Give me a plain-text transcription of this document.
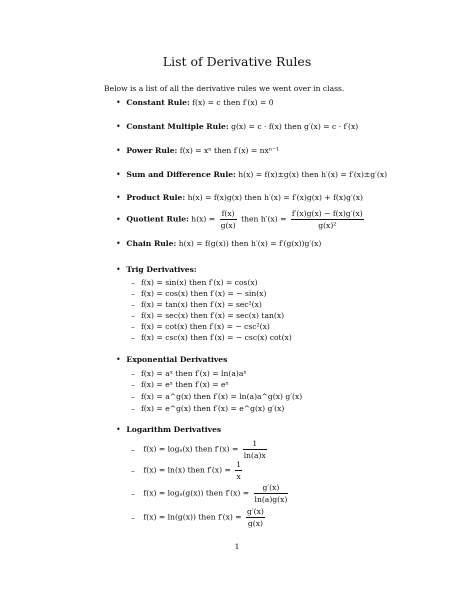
List of Derivative Rules
Below is a list of all the derivative rules we went over in class.
• Constant Rule: f(x) = c then f′(x) = 0
• Constant Multiple Rule: g(x) = c · f(x) then g′(x) = c · f′(x)
• Power Rule: f(x) = xⁿ then f′(x) = nxⁿ⁻¹
• Sum and Difference Rule: h(x) = f(x)±g(x) then h′(x) = f′(x)±g′(x)
• Product Rule: h(x) = f(x)g(x) then h′(x) = f′(x)g(x) + f(x)g′(x)
• Quotient Rule: $h(x) = \frac{f(x)}{g(x)}$ then $h'(x) = \frac{f'(x)g(x) - f(x)g'(x)}{\text{g(x)²}}$
• Chain Rule: h(x) = f(g(x)) then h′(x) = f′(g(x))g′(x)
• Trig Derivatives:
– f(x) = sin(x) then f′(x) = cos(x)
– f(x) = cos(x) then f′(x) = − sin(x)
– f(x) = tan(x) then f′(x) = sec²(x)
– f(x) = sec(x) then f′(x) = sec(x) tan(x)
– f(x) = cot(x) then f′(x) = − csc²(x)
– f(x) = csc(x) then f′(x) = − csc(x) cot(x)
• Exponential Derivatives
– f(x) = aˣ then f′(x) = ln(a)aˣ
– f(x) = eˣ then f′(x) = eˣ
– f(x) = a^g(x) then f′(x) = ln(a)a^g(x) g′(x)
– f(x) = e^g(x) then f′(x) = e^g(x) g′(x)
• Logarithm Derivatives
– f(x) = logₐ(x) then $f'(x) = \frac{1}{\ln(a)x}$
– f(x) = ln(x) then $f'(x) = \frac{1}{x}$
– f(x) = logₐ(g(x)) then $f'(x) = \frac{g'(x)}{\ln(a)g(x)}$
– f(x) = ln(g(x)) then $f'(x) = \frac{g'(x)}{g(x)}$
1
